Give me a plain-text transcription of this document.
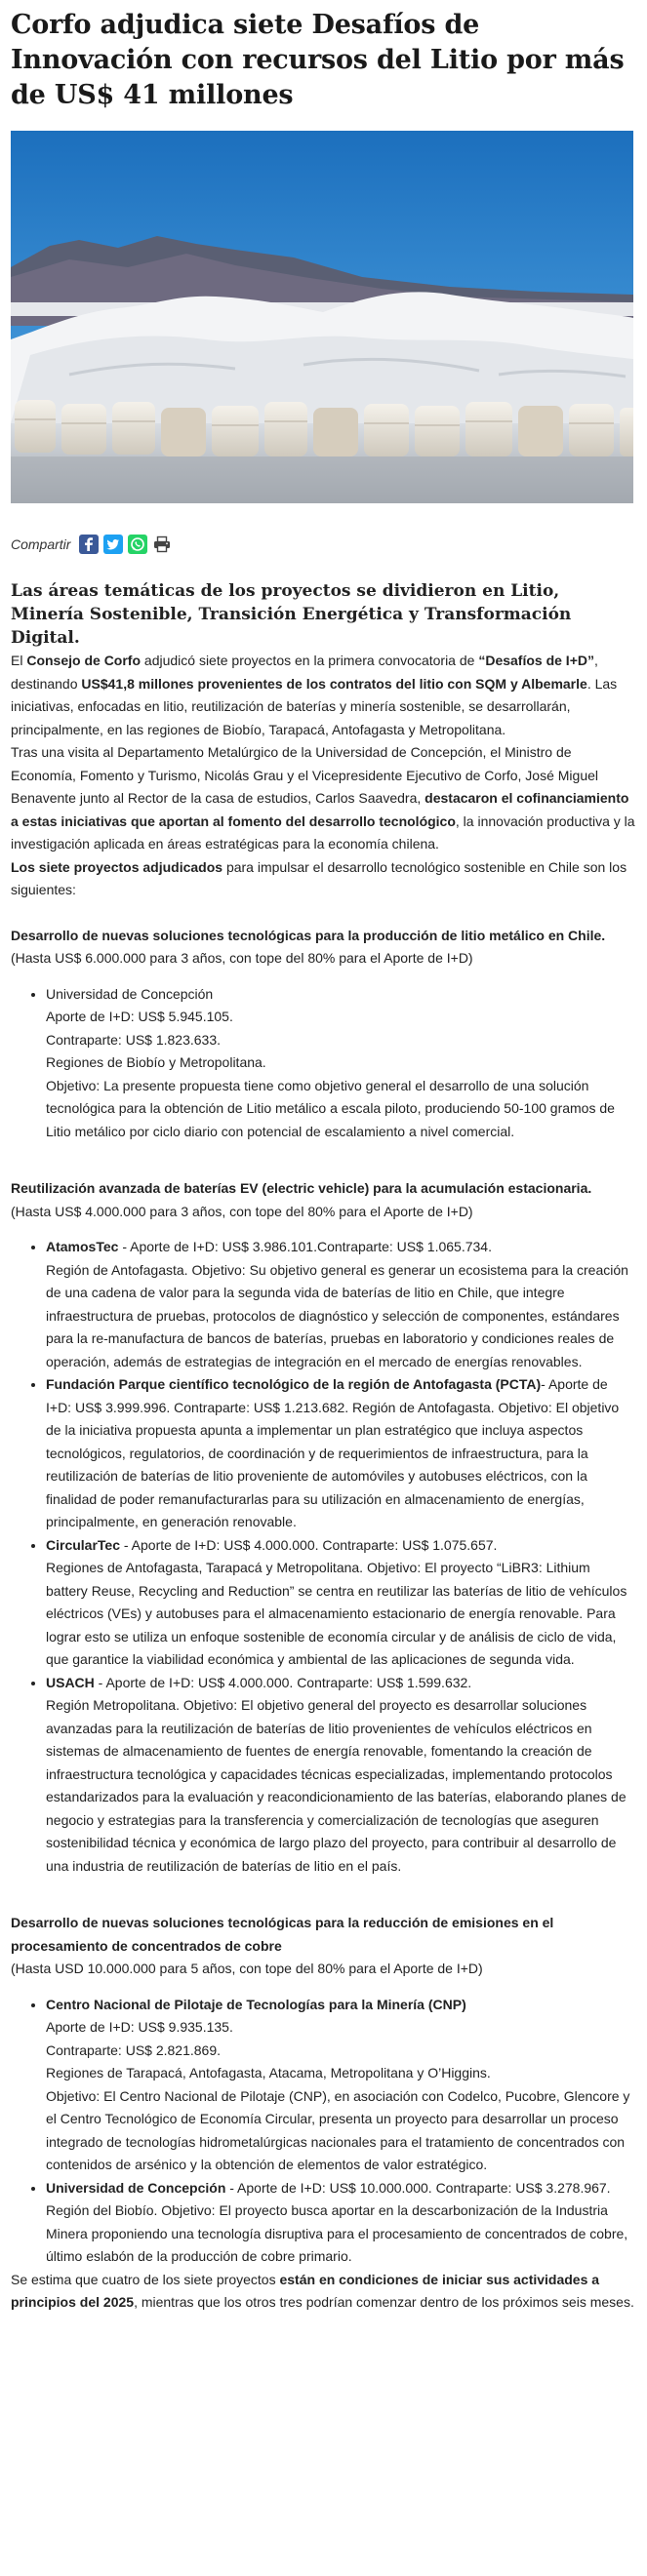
Corfo adjudica siete Desafíos de Innovación con recursos del Litio por más de US$ 41 millones
Compartir
Las áreas temáticas de los proyectos se dividieron en Litio, Minería Sostenible, Transición Energética y Transformación Digital.

El Consejo de Corfo adjudicó siete proyectos en la primera convocatoria de “Desafíos de I+D”, destinando US$41,8 millones provenientes de los contratos del litio con SQM y Albemarle. Las iniciativas, enfocadas en litio, reutilización de baterías y minería sostenible, se desarrollarán, principalmente, en las regiones de Biobío, Tarapacá, Antofagasta y Metropolitana.

Tras una visita al Departamento Metalúrgico de la Universidad de Concepción, el Ministro de Economía, Fomento y Turismo, Nicolás Grau y el Vicepresidente Ejecutivo de Corfo, José Miguel Benavente junto al Rector de la casa de estudios, Carlos Saavedra, destacaron el cofinanciamiento a estas iniciativas que aportan al fomento del desarrollo tecnológico, la innovación productiva y la investigación aplicada en áreas estratégicas para la economía chilena.

Los siete proyectos adjudicados para impulsar el desarrollo tecnológico sostenible en Chile son los siguientes:

Desarrollo de nuevas soluciones tecnológicas para la producción de litio metálico en Chile.
(Hasta US$ 6.000.000 para 3 años, con tope del 80% para el Aporte de I+D)

• Universidad de Concepción
Aporte de I+D: US$ 5.945.105.
Contraparte: US$ 1.823.633.
Regiones de Biobío y Metropolitana.
Objetivo: La presente propuesta tiene como objetivo general el desarrollo de una solución tecnológica para la obtención de Litio metálico a escala piloto, produciendo 50-100 gramos de Litio metálico por ciclo diario con potencial de escalamiento a nivel comercial.

Reutilización avanzada de baterías EV (electric vehicle) para la acumulación estacionaria.
(Hasta US$ 4.000.000 para 3 años, con tope del 80% para el Aporte de I+D)

• AtamosTec - Aporte de I+D: US$ 3.986.101.Contraparte: US$ 1.065.734.
Región de Antofagasta. Objetivo: Su objetivo general es generar un ecosistema para la creación de una cadena de valor para la segunda vida de baterías de litio en Chile, que integre infraestructura de pruebas, protocolos de diagnóstico y selección de componentes, estándares para la re-manufactura de bancos de baterías, pruebas en laboratorio y condiciones reales de operación, además de estrategias de integración en el mercado de energías renovables.
• Fundación Parque científico tecnológico de la región de Antofagasta (PCTA)- Aporte de I+D: US$ 3.999.996. Contraparte: US$ 1.213.682. Región de Antofagasta. Objetivo: El objetivo de la iniciativa propuesta apunta a implementar un plan estratégico que incluya aspectos tecnológicos, regulatorios, de coordinación y de requerimientos de infraestructura, para la reutilización de baterías de litio proveniente de automóviles y autobuses eléctricos, con la finalidad de poder remanufacturarlas para su utilización en almacenamiento de energías, principalmente, en generación renovable.
• CircularTec - Aporte de I+D: US$ 4.000.000. Contraparte: US$ 1.075.657.
Regiones de Antofagasta, Tarapacá y Metropolitana. Objetivo: El proyecto “LiBR3: Lithium battery Reuse, Recycling and Reduction” se centra en reutilizar las baterías de litio de vehículos eléctricos (VEs) y autobuses para el almacenamiento estacionario de energía renovable. Para lograr esto se utiliza un enfoque sostenible de economía circular y de análisis de ciclo de vida, que garantice la viabilidad económica y ambiental de las aplicaciones de segunda vida.
• USACH - Aporte de I+D: US$ 4.000.000. Contraparte: US$ 1.599.632.
Región Metropolitana. Objetivo: El objetivo general del proyecto es desarrollar soluciones avanzadas para la reutilización de baterías de litio provenientes de vehículos eléctricos en sistemas de almacenamiento de fuentes de energía renovable, fomentando la creación de infraestructura tecnológica y capacidades técnicas especializadas, implementando protocolos estandarizados para la evaluación y reacondicionamiento de las baterías, elaborando planes de negocio y estrategias para la transferencia y comercialización de tecnologías que aseguren sostenibilidad técnica y económica de largo plazo del proyecto, para contribuir al desarrollo de una industria de reutilización de baterías de litio en el país.

Desarrollo de nuevas soluciones tecnológicas para la reducción de emisiones en el procesamiento de concentrados de cobre
(Hasta USD 10.000.000 para 5 años, con tope del 80% para el Aporte de I+D)

• Centro Nacional de Pilotaje de Tecnologías para la Minería (CNP)
Aporte de I+D: US$ 9.935.135.
Contraparte: US$ 2.821.869.
Regiones de Tarapacá, Antofagasta, Atacama, Metropolitana y O’Higgins.
Objetivo: El Centro Nacional de Pilotaje (CNP), en asociación con Codelco, Pucobre, Glencore y el Centro Tecnológico de Economía Circular, presenta un proyecto para desarrollar un proceso integrado de tecnologías hidrometalúrgicas nacionales para el tratamiento de concentrados con contenidos de arsénico y la obtención de elementos de valor estratégico.
• Universidad de Concepción - Aporte de I+D: US$ 10.000.000. Contraparte: US$ 3.278.967. Región del Biobío. Objetivo: El proyecto busca aportar en la descarbonización de la Industria Minera proponiendo una tecnología disruptiva para el procesamiento de concentrados de cobre, último eslabón de la producción de cobre primario.

Se estima que cuatro de los siete proyectos están en condiciones de iniciar sus actividades a principios del 2025, mientras que los otros tres podrían comenzar dentro de los próximos seis meses.
